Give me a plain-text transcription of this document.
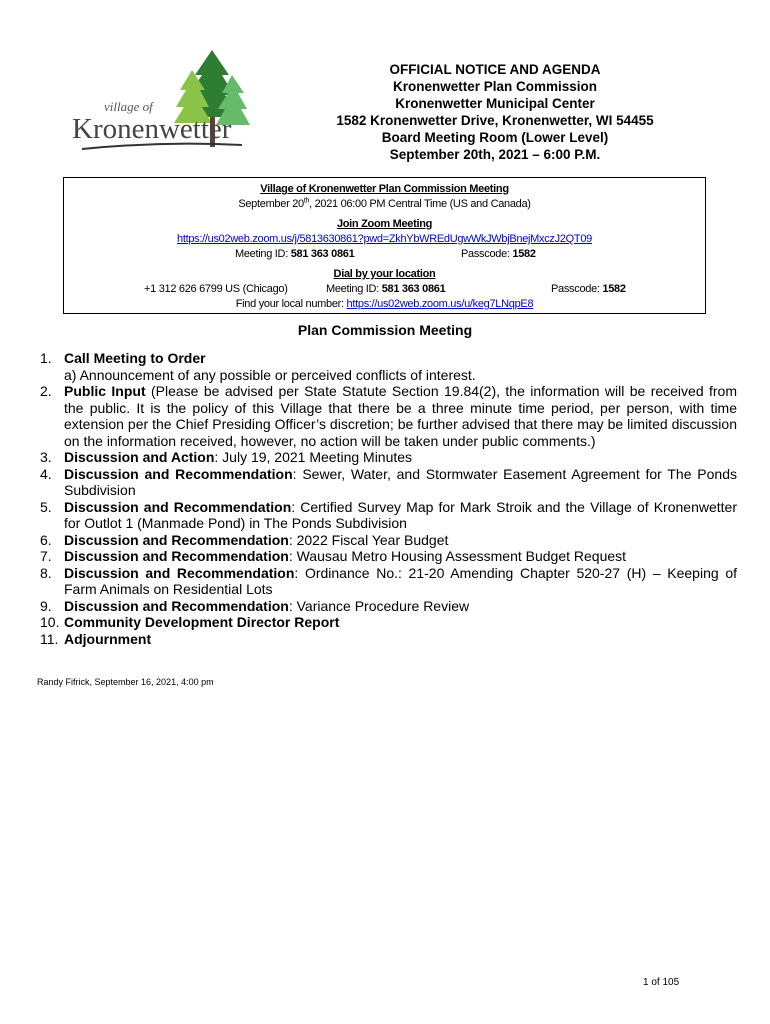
village of
Kronenwetter
OFFICIAL NOTICE AND AGENDA
Kronenwetter Plan Commission
Kronenwetter Municipal Center
1582 Kronenwetter Drive, Kronenwetter, WI 54455
Board Meeting Room (Lower Level)
September 20th, 2021 – 6:00 P.M.
Village of Kronenwetter Plan Commission Meeting
September 20th, 2021 06:00 PM Central Time (US and Canada)
Join Zoom Meeting
https://us02web.zoom.us/j/5813630861?pwd=ZkhYbWREdUgwWkJWbjBnejMxczJ2QT09
Meeting ID: 581 363 0861	Passcode: 1582
Dial by your location
+1 312 626 6799 US (Chicago)	Meeting ID: 581 363 0861	Passcode: 1582
Find your local number: https://us02web.zoom.us/u/keg7LNqpE8
Plan Commission Meeting
1. Call Meeting to Order
a) Announcement of any possible or perceived conflicts of interest.
2. Public Input (Please be advised per State Statute Section 19.84(2), the information will be received from the public. It is the policy of this Village that there be a three minute time period, per person, with time extension per the Chief Presiding Officer’s discretion; be further advised that there may be limited discussion on the information received, however, no action will be taken under public comments.)
3. Discussion and Action: July 19, 2021 Meeting Minutes
4. Discussion and Recommendation: Sewer, Water, and Stormwater Easement Agreement for The Ponds Subdivision
5. Discussion and Recommendation: Certified Survey Map for Mark Stroik and the Village of Kronenwetter for Outlot 1 (Manmade Pond) in The Ponds Subdivision
6. Discussion and Recommendation: 2022 Fiscal Year Budget
7. Discussion and Recommendation: Wausau Metro Housing Assessment Budget Request
8. Discussion and Recommendation: Ordinance No.: 21-20 Amending Chapter 520-27 (H) – Keeping of Farm Animals on Residential Lots
9. Discussion and Recommendation: Variance Procedure Review
10. Community Development Director Report
11. Adjournment
Randy Fifrick, September 16, 2021, 4:00 pm
1 of 105
